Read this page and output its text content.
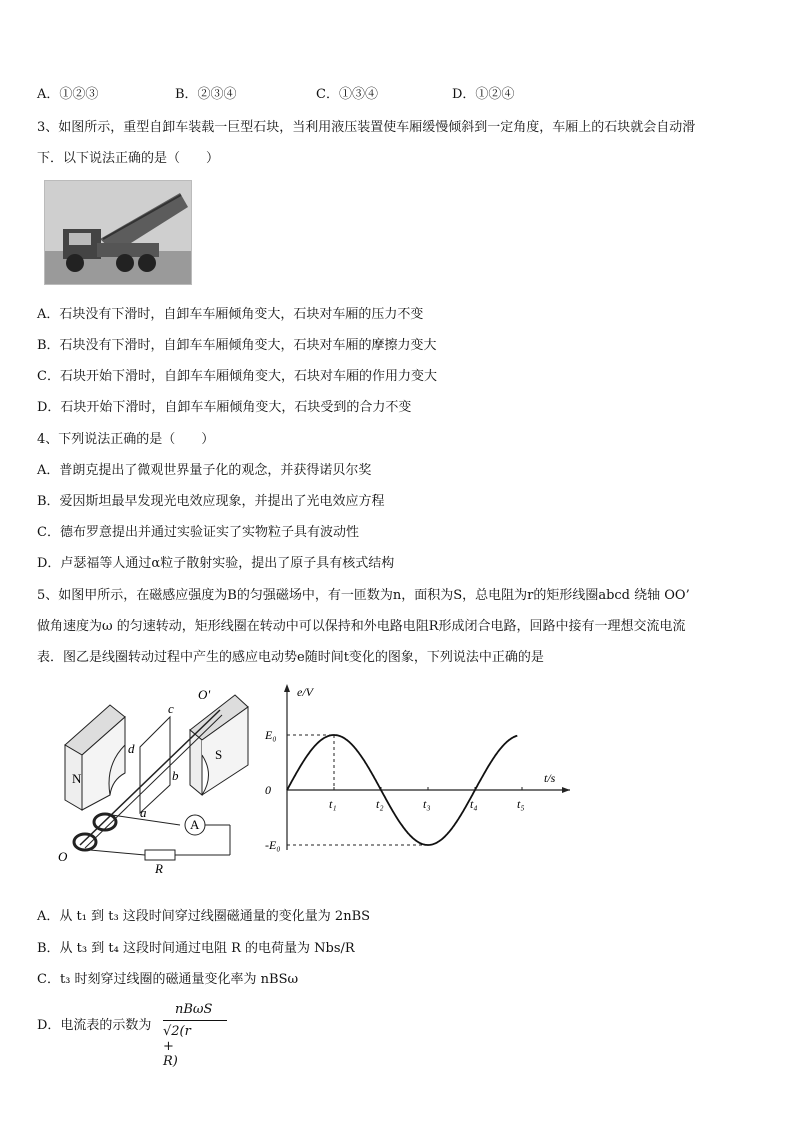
A．①②③	B．②③④	C．①③④	D．①②④
3、如图所示，重型自卸车装载一巨型石块，当利用液压装置使车厢缓慢倾斜到一定角度，车厢上的石块就会自动滑
下．以下说法正确的是（　　）
A．石块没有下滑时，自卸车车厢倾角变大，石块对车厢的压力不变
B．石块没有下滑时，自卸车车厢倾角变大，石块对车厢的摩擦力变大
C．石块开始下滑时，自卸车车厢倾角变大，石块对车厢的作用力变大
D．石块开始下滑时，自卸车车厢倾角变大，石块受到的合力不变
4、下列说法正确的是（　　）
A．普朗克提出了微观世界量子化的观念，并获得诺贝尔奖
B．爱因斯坦最早发现光电效应现象，并提出了光电效应方程
C．德布罗意提出并通过实验证实了实物粒子具有波动性
D．卢瑟福等人通过α粒子散射实验，提出了原子具有核式结构
5、如图甲所示，在磁感应强度为B的匀强磁场中，有一匝数为n，面积为S，总电阻为r的矩形线圈abcd 绕轴 OO’
做角速度为ω 的匀速转动，矩形线圈在转动中可以保持和外电路电阻R形成闭合电路，回路中接有一理想交流电流
表．图乙是线圈转动过程中产生的感应电动势e随时间t变化的图象，下列说法中正确的是
N
S
c
d
b
a
O'
O
A
R
e/V
t/s
E₀
0
-E₀
t₁	t₂	t₃	t₄	t₅
A．从 t₁ 到 t₃ 这段时间穿过线圈磁通量的变化量为 2nBS
B．从 t₃ 到 t₄ 这段时间通过电阻 R 的电荷量为 Nbs/R
C．t₃ 时刻穿过线圈的磁通量变化率为 nBSω
D．电流表的示数为
nBωS
√2(r + R)
